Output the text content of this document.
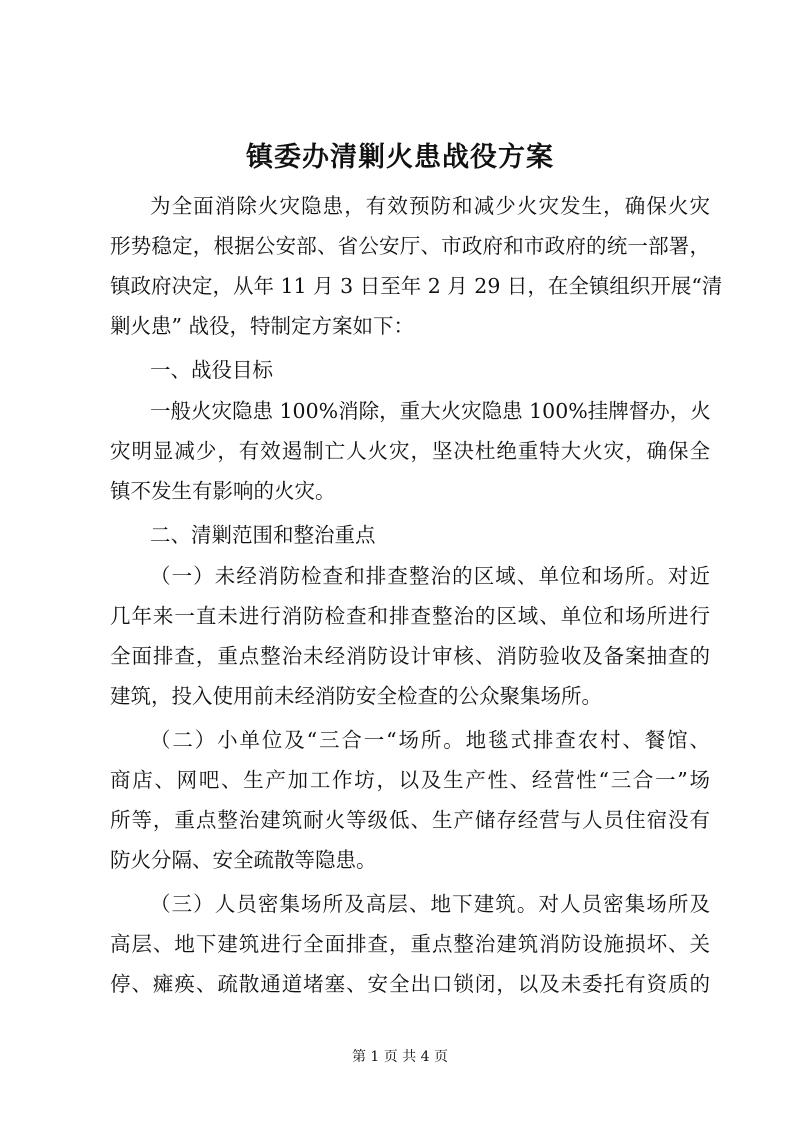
镇委办清剿火患战役方案
为全面消除火灾隐患，有效预防和减少火灾发生，确保火灾
形势稳定，根据公安部、省公安厅、市政府和市政府的统一部署，
镇政府决定，从年 11 月 3 日至年 2 月 29 日，在全镇组织开展“清
剿火患” 战役，特制定方案如下：
一、战役目标
一般火灾隐患 100%消除，重大火灾隐患 100%挂牌督办，火
灾明显减少，有效遏制亡人火灾，坚决杜绝重特大火灾，确保全
镇不发生有影响的火灾。
二、清剿范围和整治重点
（一）未经消防检查和排查整治的区域、单位和场所。对近
几年来一直未进行消防检查和排查整治的区域、单位和场所进行
全面排查，重点整治未经消防设计审核、消防验收及备案抽查的
建筑，投入使用前未经消防安全检查的公众聚集场所。
（二）小单位及“三合一“场所。地毯式排查农村、餐馆、
商店、网吧、生产加工作坊，以及生产性、经营性“三合一”场
所等，重点整治建筑耐火等级低、生产储存经营与人员住宿没有
防火分隔、安全疏散等隐患。
（三）人员密集场所及高层、地下建筑。对人员密集场所及
高层、地下建筑进行全面排查，重点整治建筑消防设施损坏、关
停、瘫痪、疏散通道堵塞、安全出口锁闭，以及未委托有资质的
第 1 页 共 4 页
